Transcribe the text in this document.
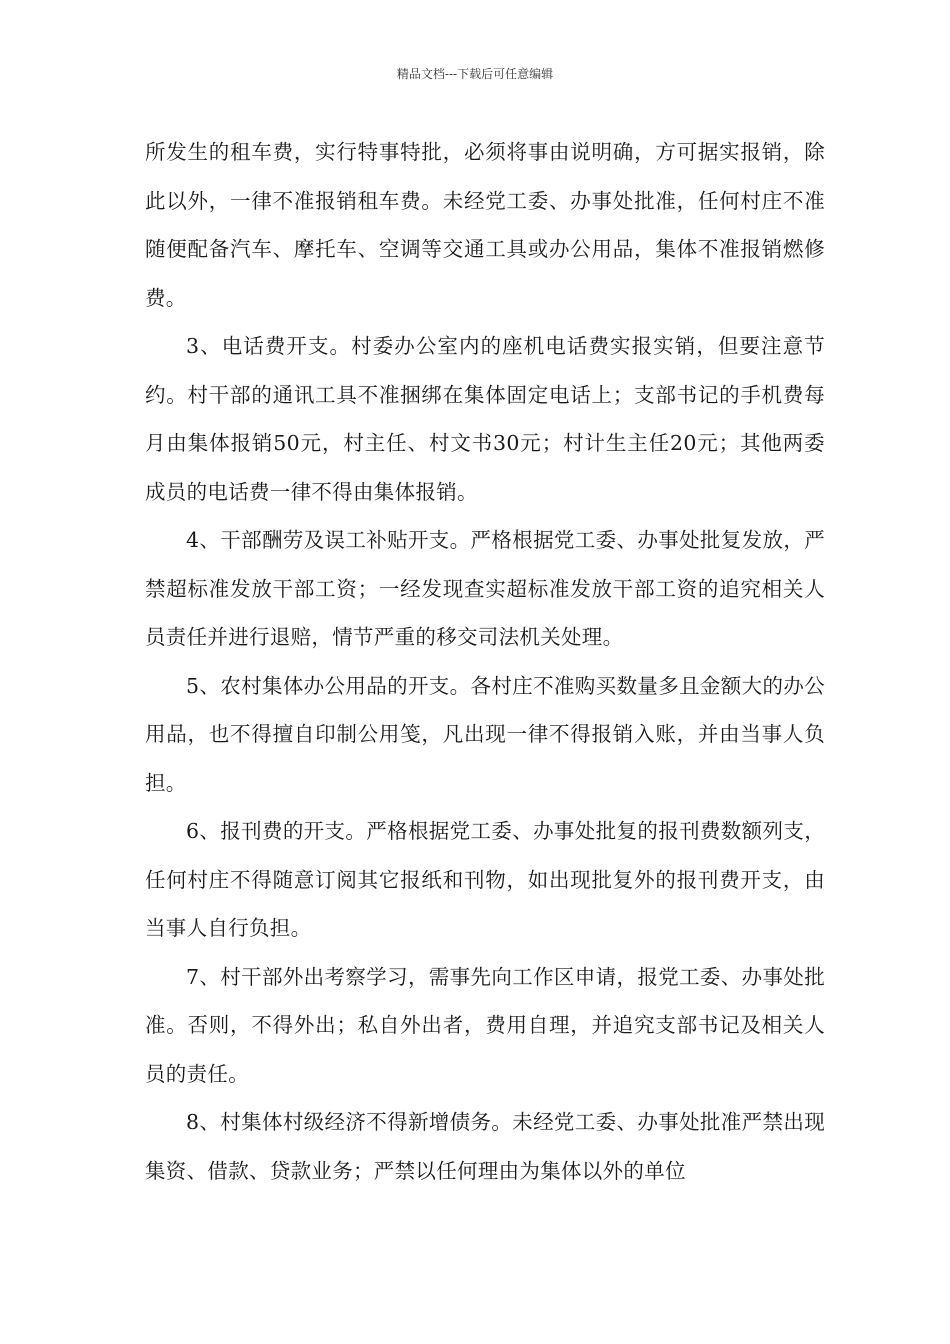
精品文档---下载后可任意编辑

所发生的租车费，实行特事特批，必须将事由说明确，方可据实报销，除此以外，一律不准报销租车费。未经党工委、办事处批准，任何村庄不准随便配备汽车、摩托车、空调等交通工具或办公用品，集体不准报销燃修费。

3、电话费开支。村委办公室内的座机电话费实报实销，但要注意节约。村干部的通讯工具不准捆绑在集体固定电话上；支部书记的手机费每月由集体报销50元，村主任、村文书30元；村计生主任20元；其他两委成员的电话费一律不得由集体报销。

4、干部酬劳及误工补贴开支。严格根据党工委、办事处批复发放，严禁超标准发放干部工资；一经发现查实超标准发放干部工资的追究相关人员责任并进行退赔，情节严重的移交司法机关处理。

5、农村集体办公用品的开支。各村庄不准购买数量多且金额大的办公用品，也不得擅自印制公用笺，凡出现一律不得报销入账，并由当事人负担。

6、报刊费的开支。严格根据党工委、办事处批复的报刊费数额列支，任何村庄不得随意订阅其它报纸和刊物，如出现批复外的报刊费开支，由当事人自行负担。

7、村干部外出考察学习，需事先向工作区申请，报党工委、办事处批准。否则，不得外出；私自外出者，费用自理，并追究支部书记及相关人员的责任。

8、村集体村级经济不得新增债务。未经党工委、办事处批准严禁出现集资、借款、贷款业务；严禁以任何理由为集体以外的单位
